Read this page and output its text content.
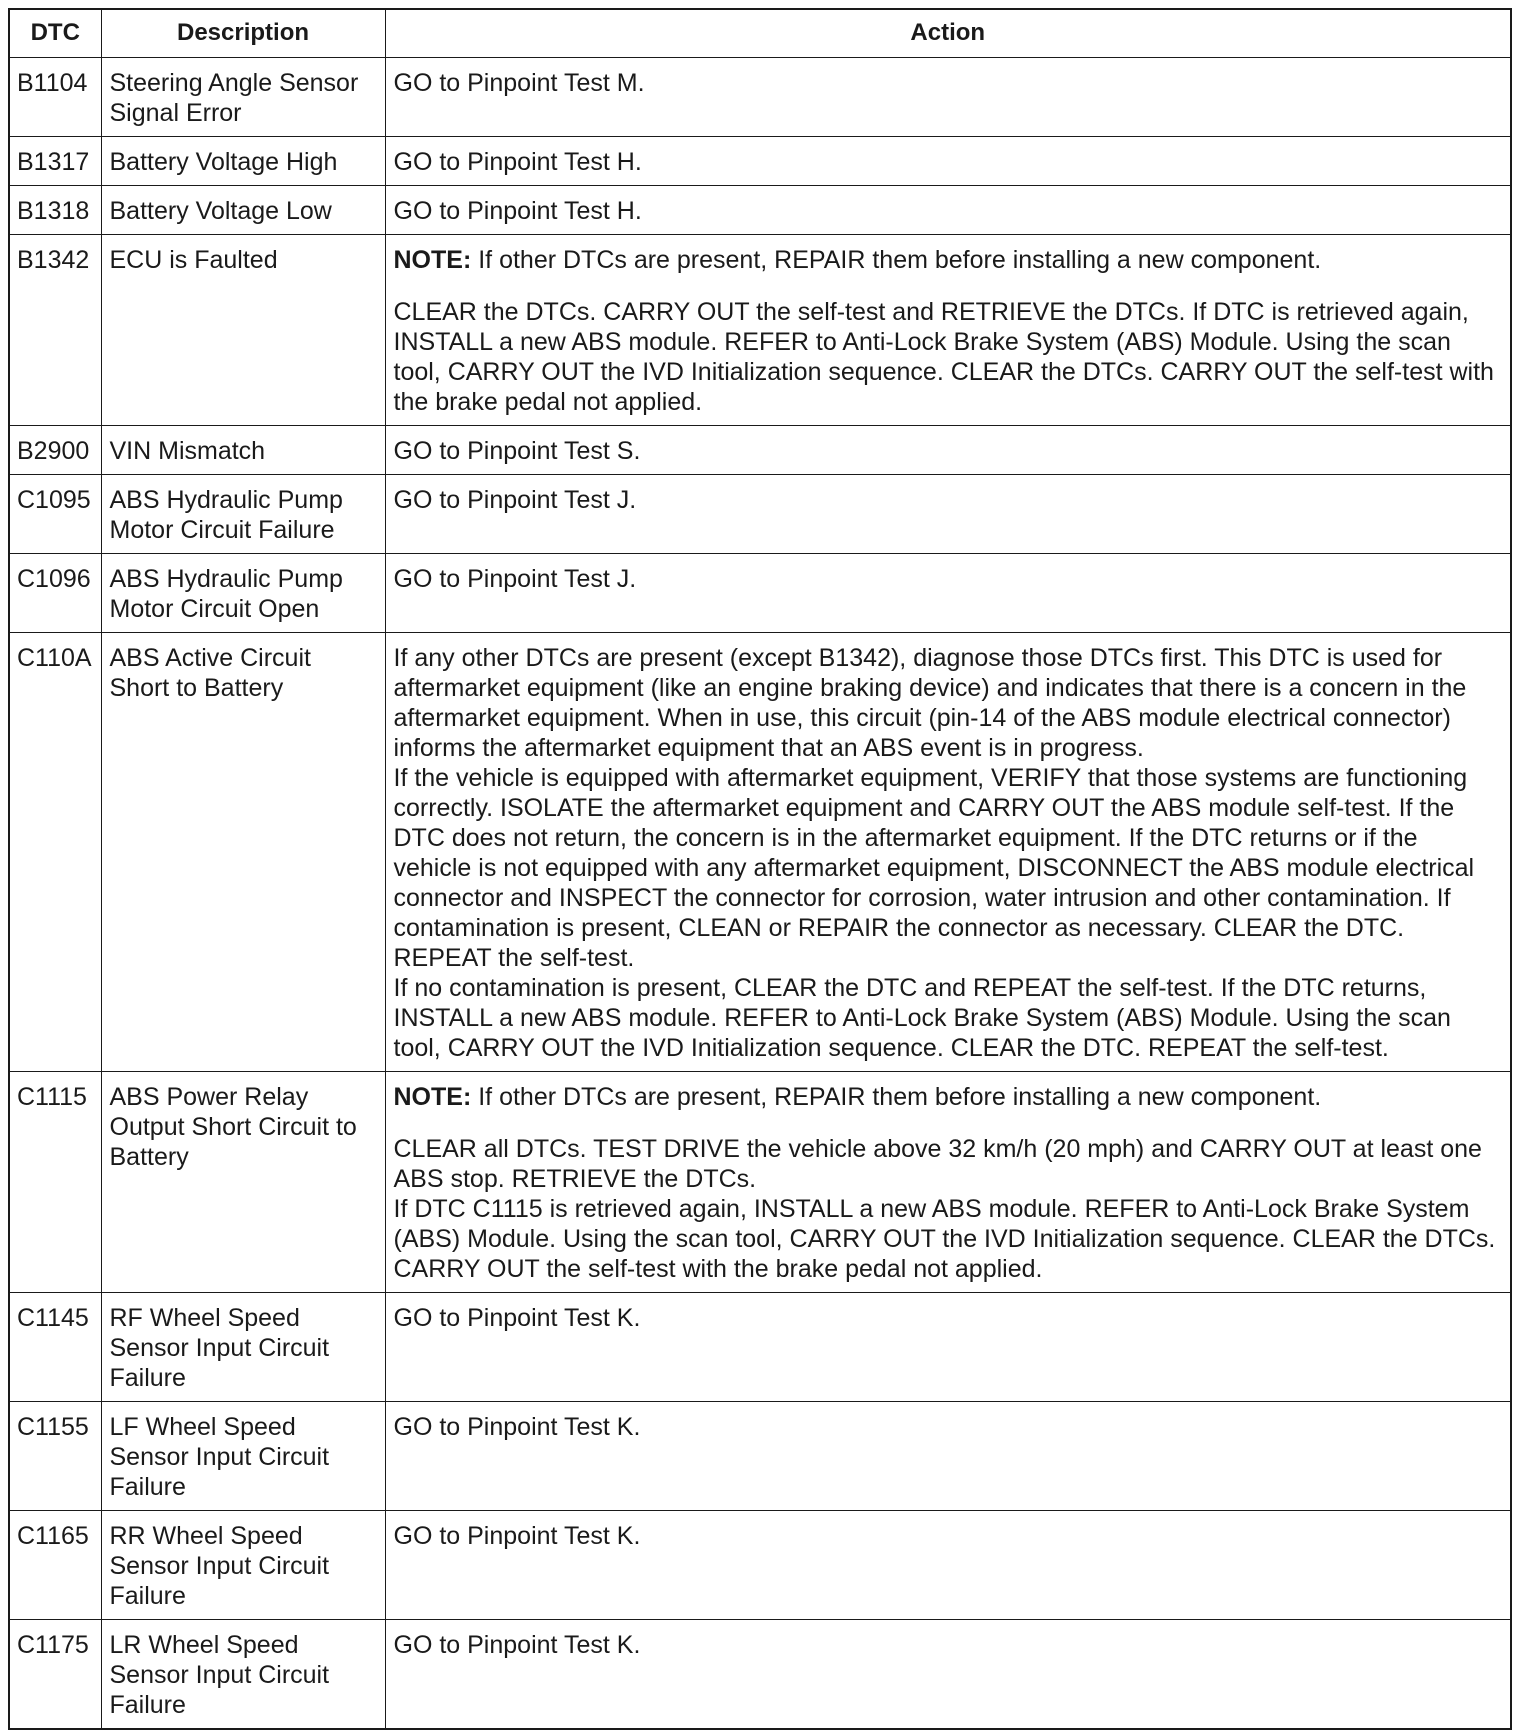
DTC	Description	Action
B1104	Steering Angle Sensor Signal Error	GO to Pinpoint Test M.

B1317	Battery Voltage High	GO to Pinpoint Test H.

B1318	Battery Voltage Low	GO to Pinpoint Test H.

B1342	ECU is Faulted	NOTE: If other DTCs are present, REPAIR them before installing a new component.

CLEAR the DTCs. CARRY OUT the self-test and RETRIEVE the DTCs. If DTC is retrieved again, INSTALL a new ABS module. REFER to Anti-Lock Brake System (ABS) Module. Using the scan tool, CARRY OUT the IVD Initialization sequence. CLEAR the DTCs. CARRY OUT the self-test with the brake pedal not applied.

B2900	VIN Mismatch	GO to Pinpoint Test S.

C1095	ABS Hydraulic Pump Motor Circuit Failure	GO to Pinpoint Test J.

C1096	ABS Hydraulic Pump Motor Circuit Open	GO to Pinpoint Test J.

C110A	ABS Active Circuit Short to Battery	If any other DTCs are present (except B1342), diagnose those DTCs first. This DTC is used for aftermarket equipment (like an engine braking device) and indicates that there is a concern in the aftermarket equipment. When in use, this circuit (pin-14 of the ABS module electrical connector) informs the aftermarket equipment that an ABS event is in progress.

If the vehicle is equipped with aftermarket equipment, VERIFY that those systems are functioning correctly. ISOLATE the aftermarket equipment and CARRY OUT the ABS module self-test. If the DTC does not return, the concern is in the aftermarket equipment. If the DTC returns or if the vehicle is not equipped with any aftermarket equipment, DISCONNECT the ABS module electrical connector and INSPECT the connector for corrosion, water intrusion and other contamination. If contamination is present, CLEAN or REPAIR the connector as necessary. CLEAR the DTC. REPEAT the self-test.

If no contamination is present, CLEAR the DTC and REPEAT the self-test. If the DTC returns, INSTALL a new ABS module. REFER to Anti-Lock Brake System (ABS) Module. Using the scan tool, CARRY OUT the IVD Initialization sequence. CLEAR the DTC. REPEAT the self-test.

C1115	ABS Power Relay Output Short Circuit to Battery	NOTE: If other DTCs are present, REPAIR them before installing a new component.

CLEAR all DTCs. TEST DRIVE the vehicle above 32 km/h (20 mph) and CARRY OUT at least one ABS stop. RETRIEVE the DTCs.

If DTC C1115 is retrieved again, INSTALL a new ABS module. REFER to Anti-Lock Brake System (ABS) Module. Using the scan tool, CARRY OUT the IVD Initialization sequence. CLEAR the DTCs. CARRY OUT the self-test with the brake pedal not applied.

C1145	RF Wheel Speed Sensor Input Circuit Failure	GO to Pinpoint Test K.

C1155	LF Wheel Speed Sensor Input Circuit Failure	GO to Pinpoint Test K.

C1165	RR Wheel Speed Sensor Input Circuit Failure	GO to Pinpoint Test K.

C1175	LR Wheel Speed Sensor Input Circuit Failure	GO to Pinpoint Test K.
